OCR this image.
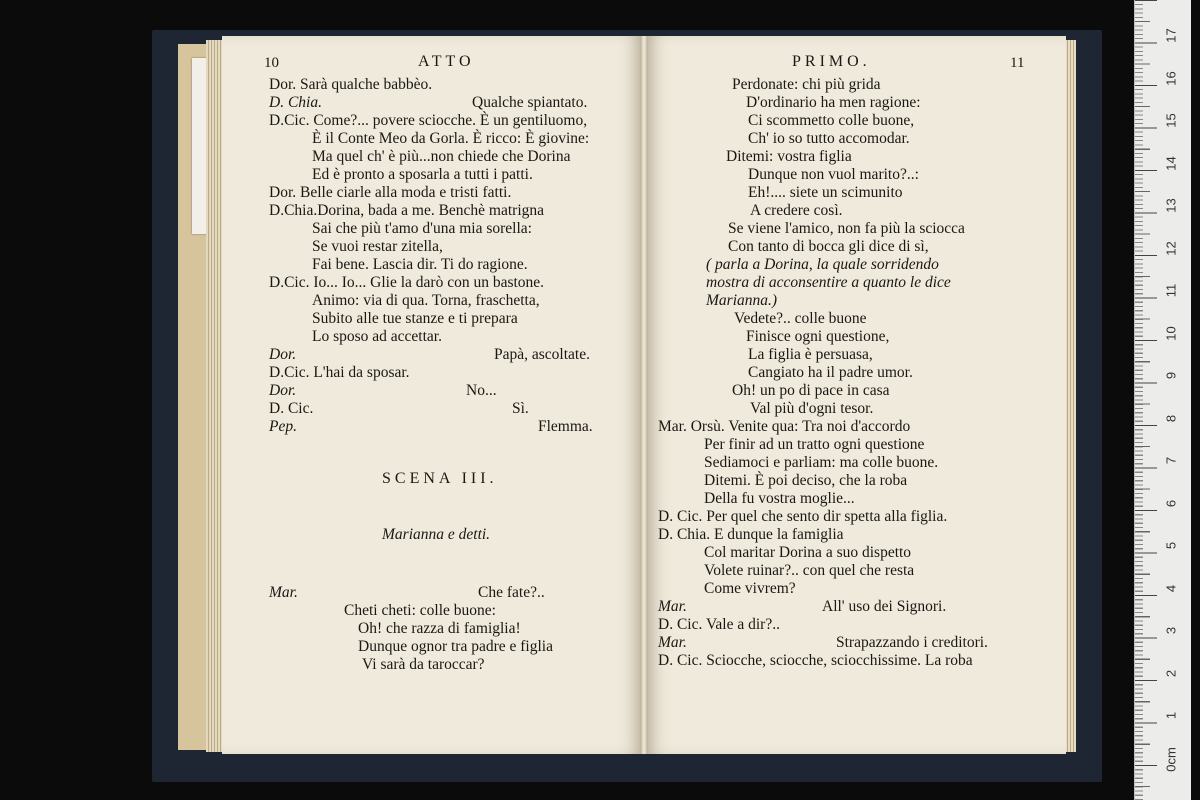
10	ATTO
Dor. Sarà qualche babbèo.
D. Chia.	Qualche spiantato.
D.Cic. Come?... povere sciocche. È un gentiluomo,
È il Conte Meo da Gorla. È ricco: È giovine:
Ma quel ch' è più...non chiede che Dorina
Ed è pronto a sposarla a tutti i patti.
Dor. Belle ciarle alla moda e tristi fatti.
D.Chia.Dorina, bada a me. Benchè matrigna
Sai che più t'amo d'una mia sorella:
Se vuoi restar zitella,
Fai bene. Lascia dir. Ti do ragione.
D.Cic. Io... Io... Glie la darò con un bastone.
Animo: via di qua. Torna, fraschetta,
Subito alle tue stanze e ti prepara
Lo sposo ad accettar.
Dor.	Papà, ascoltate.
D.Cic. L'hai da sposar.
Dor.	No...
D. Cic.	Sì.
Pep.	Flemma.
SCENA III.
Marianna e detti.
Mar.	Che fate?..
Cheti cheti: colle buone:
Oh! che razza di famiglia!
Dunque ognor tra padre e figlia
Vi sarà da taroccar?
PRIMO.	11
Perdonate: chi più grida
D'ordinario ha men ragione:
Ci scommetto colle buone,
Ch' io so tutto accomodar.
Ditemi: vostra figlia
Dunque non vuol marito?..:
Eh!.... siete un scimunito
A credere così.
Se viene l'amico, non fa più la sciocca
Con tanto di bocca gli dice di sì,
( parla a Dorina, la quale sorridendo
mostra di acconsentire a quanto le dice
Marianna.)
Vedete?.. colle buone
Finisce ogni questione,
La figlia è persuasa,
Cangiato ha il padre umor.
Oh! un po di pace in casa
Val più d'ogni tesor.
Mar. Orsù. Venite qua: Tra noi d'accordo
Per finir ad un tratto ogni questione
Sediamoci e parliam: ma colle buone.
Ditemi. È poi deciso, che la roba
Della fu vostra moglie...
D. Cic. Per quel che sento dir spetta alla figlia.
D. Chia. E dunque la famiglia
Col maritar Dorina a suo dispetto
Volete ruinar?.. con quel che resta
Come vivrem?
Mar.	All' uso dei Signori.
D. Cic. Vale a dir?..
Mar.	Strapazzando i creditori.
D. Cic. Sciocche, sciocche, sciocchissime. La roba
0cm
1
2
3
4
5
6
7
8
9
10
11
12
13
14
15
16
17
